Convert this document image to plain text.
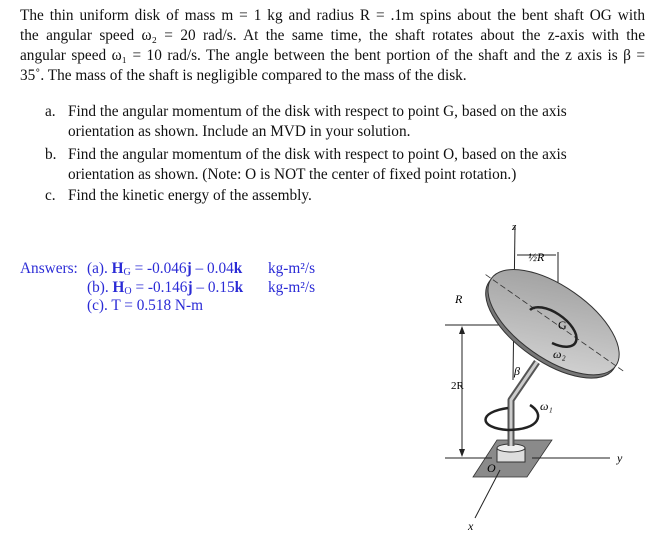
The thin uniform disk of mass m = 1 kg and radius R = .1m spins about the bent shaft OG with
the angular speed ω₂ = 20 rad/s. At the same time, the shaft rotates about the z-axis with the
angular speed ω₁ = 10 rad/s. The angle between the bent portion of the shaft and the z axis is β =
35˚. The mass of the shaft is negligible compared to the mass of the disk.
a. Find the angular momentum of the disk with respect to point G, based on the axis
orientation as shown. Include an MVD in your solution.
b. Find the angular momentum of the disk with respect to point O, based on the axis
orientation as shown. (Note: O is NOT the center of fixed point rotation.)
c. Find the kinetic energy of the assembly.
Answers: (a). $H_G = -0.046j - 0.04k$ kg-m²/s
(b). $H_O = -0.146j - 0.15k$ kg-m²/s
(c). T = 0.518 N-m
z
y
x
R
½R
G
O
ω₂
ω₁
β
2R
